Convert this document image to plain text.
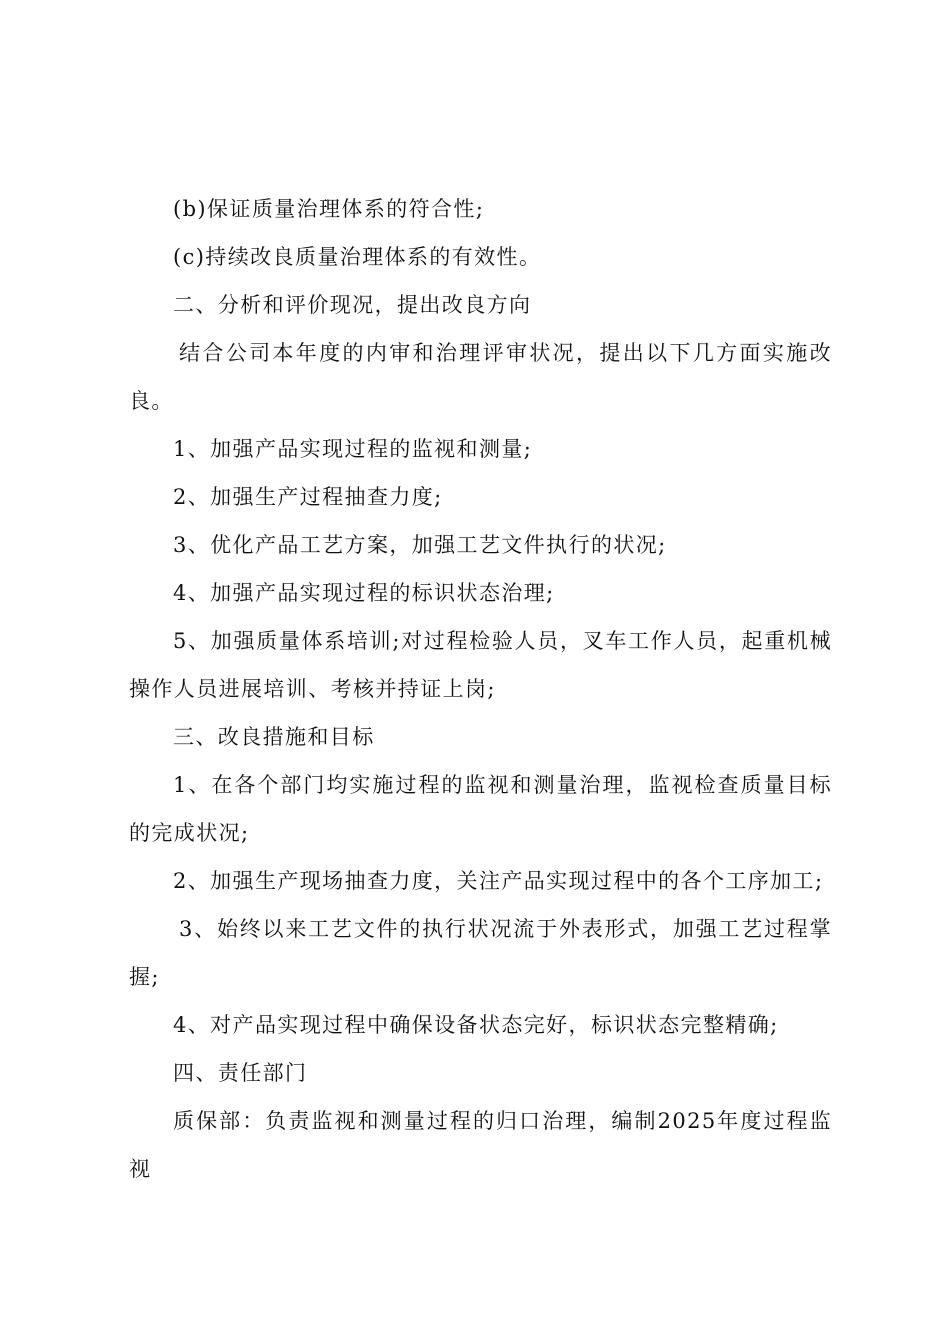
(b)保证质量治理体系的符合性;

(c)持续改良质量治理体系的有效性。

二、分析和评价现况，提出改良方向

结合公司本年度的内审和治理评审状况，提出以下几方面实施改良。

1、加强产品实现过程的监视和测量;

2、加强生产过程抽查力度;

3、优化产品工艺方案，加强工艺文件执行的状况;

4、加强产品实现过程的标识状态治理;

5、加强质量体系培训;对过程检验人员，叉车工作人员，起重机械操作人员进展培训、考核并持证上岗;

三、改良措施和目标

1、在各个部门均实施过程的监视和测量治理，监视检查质量目标的完成状况;

2、加强生产现场抽查力度，关注产品实现过程中的各个工序加工;

3、始终以来工艺文件的执行状况流于外表形式，加强工艺过程掌握;

4、对产品实现过程中确保设备状态完好，标识状态完整精确;

四、责任部门

质保部：负责监视和测量过程的归口治理，编制2025年度过程监视
